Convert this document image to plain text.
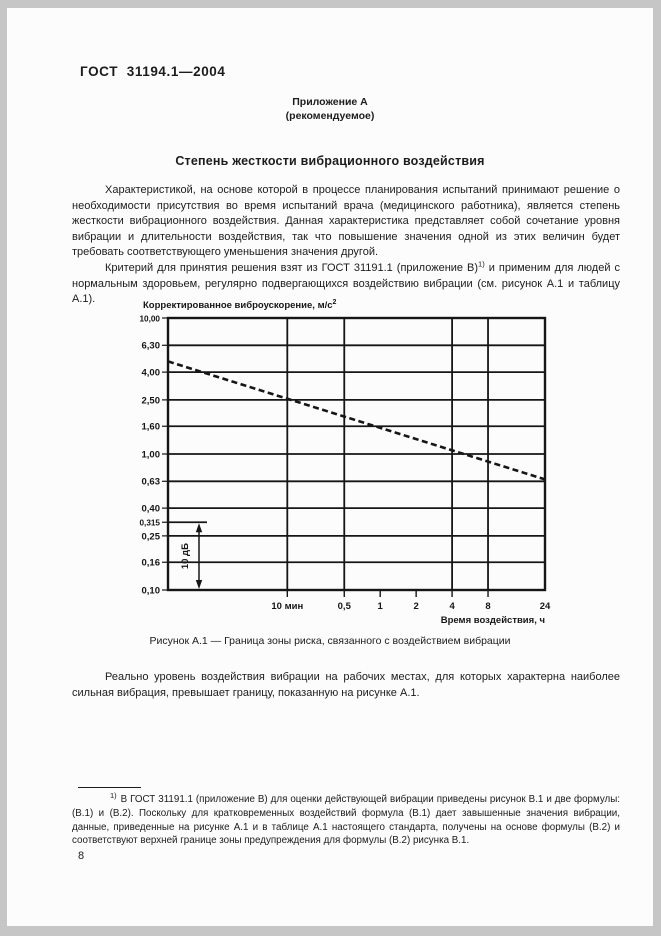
ГОСТ  31194.1—2004
Приложение А
(рекомендуемое)
Степень жесткости вибрационного воздействия

Характеристикой, на основе которой в процессе планирования испытаний принимают решение о необходимости присутствия во время испытаний врача (медицинского работника), является степень жесткости вибрационного воздействия. Данная характеристика представляет собой сочетание уровня вибрации и длительности воздействия, так что повышение значения одной из этих величин будет требовать соответствующего уменьшения значения другой.

Критерий для принятия решения взят из ГОСТ 31191.1 (приложение В)$^{1)}$ и применим для людей с нормальным здоровьем, регулярно подвергающихся воздействию вибрации (см. рисунок А.1 и таблицу А.1).

10,00
6,30
4,00
2,50
1,60
1,00
0,63
0,40
0,315
0,25
0,16
0,10
10 мин	0,5	1	2	4	8	24
10 дБ
Корректированное виброускорение, $м/с^2$
Время воздействия, ч
Рисунок А.1 — Граница зоны риска, связанного с воздействием вибрации

Реально уровень воздействия вибрации на рабочих местах, для которых характерна наиболее сильная вибрация, превышает границу, показанную на рисунке А.1.

$^{1)}$ В ГОСТ 31191.1 (приложение В) для оценки действующей вибрации приведены рисунок В.1 и две формулы: (В.1) и (В.2). Поскольку для кратковременных воздействий формула (В.1) дает завышенные значения вибрации, данные, приведенные на рисунке А.1 и в таблице А.1 настоящего стандарта, получены на основе формулы (В.2) и соответствуют верхней границе зоны предупреждения для формулы (В.2) рисунка В.1.

8
